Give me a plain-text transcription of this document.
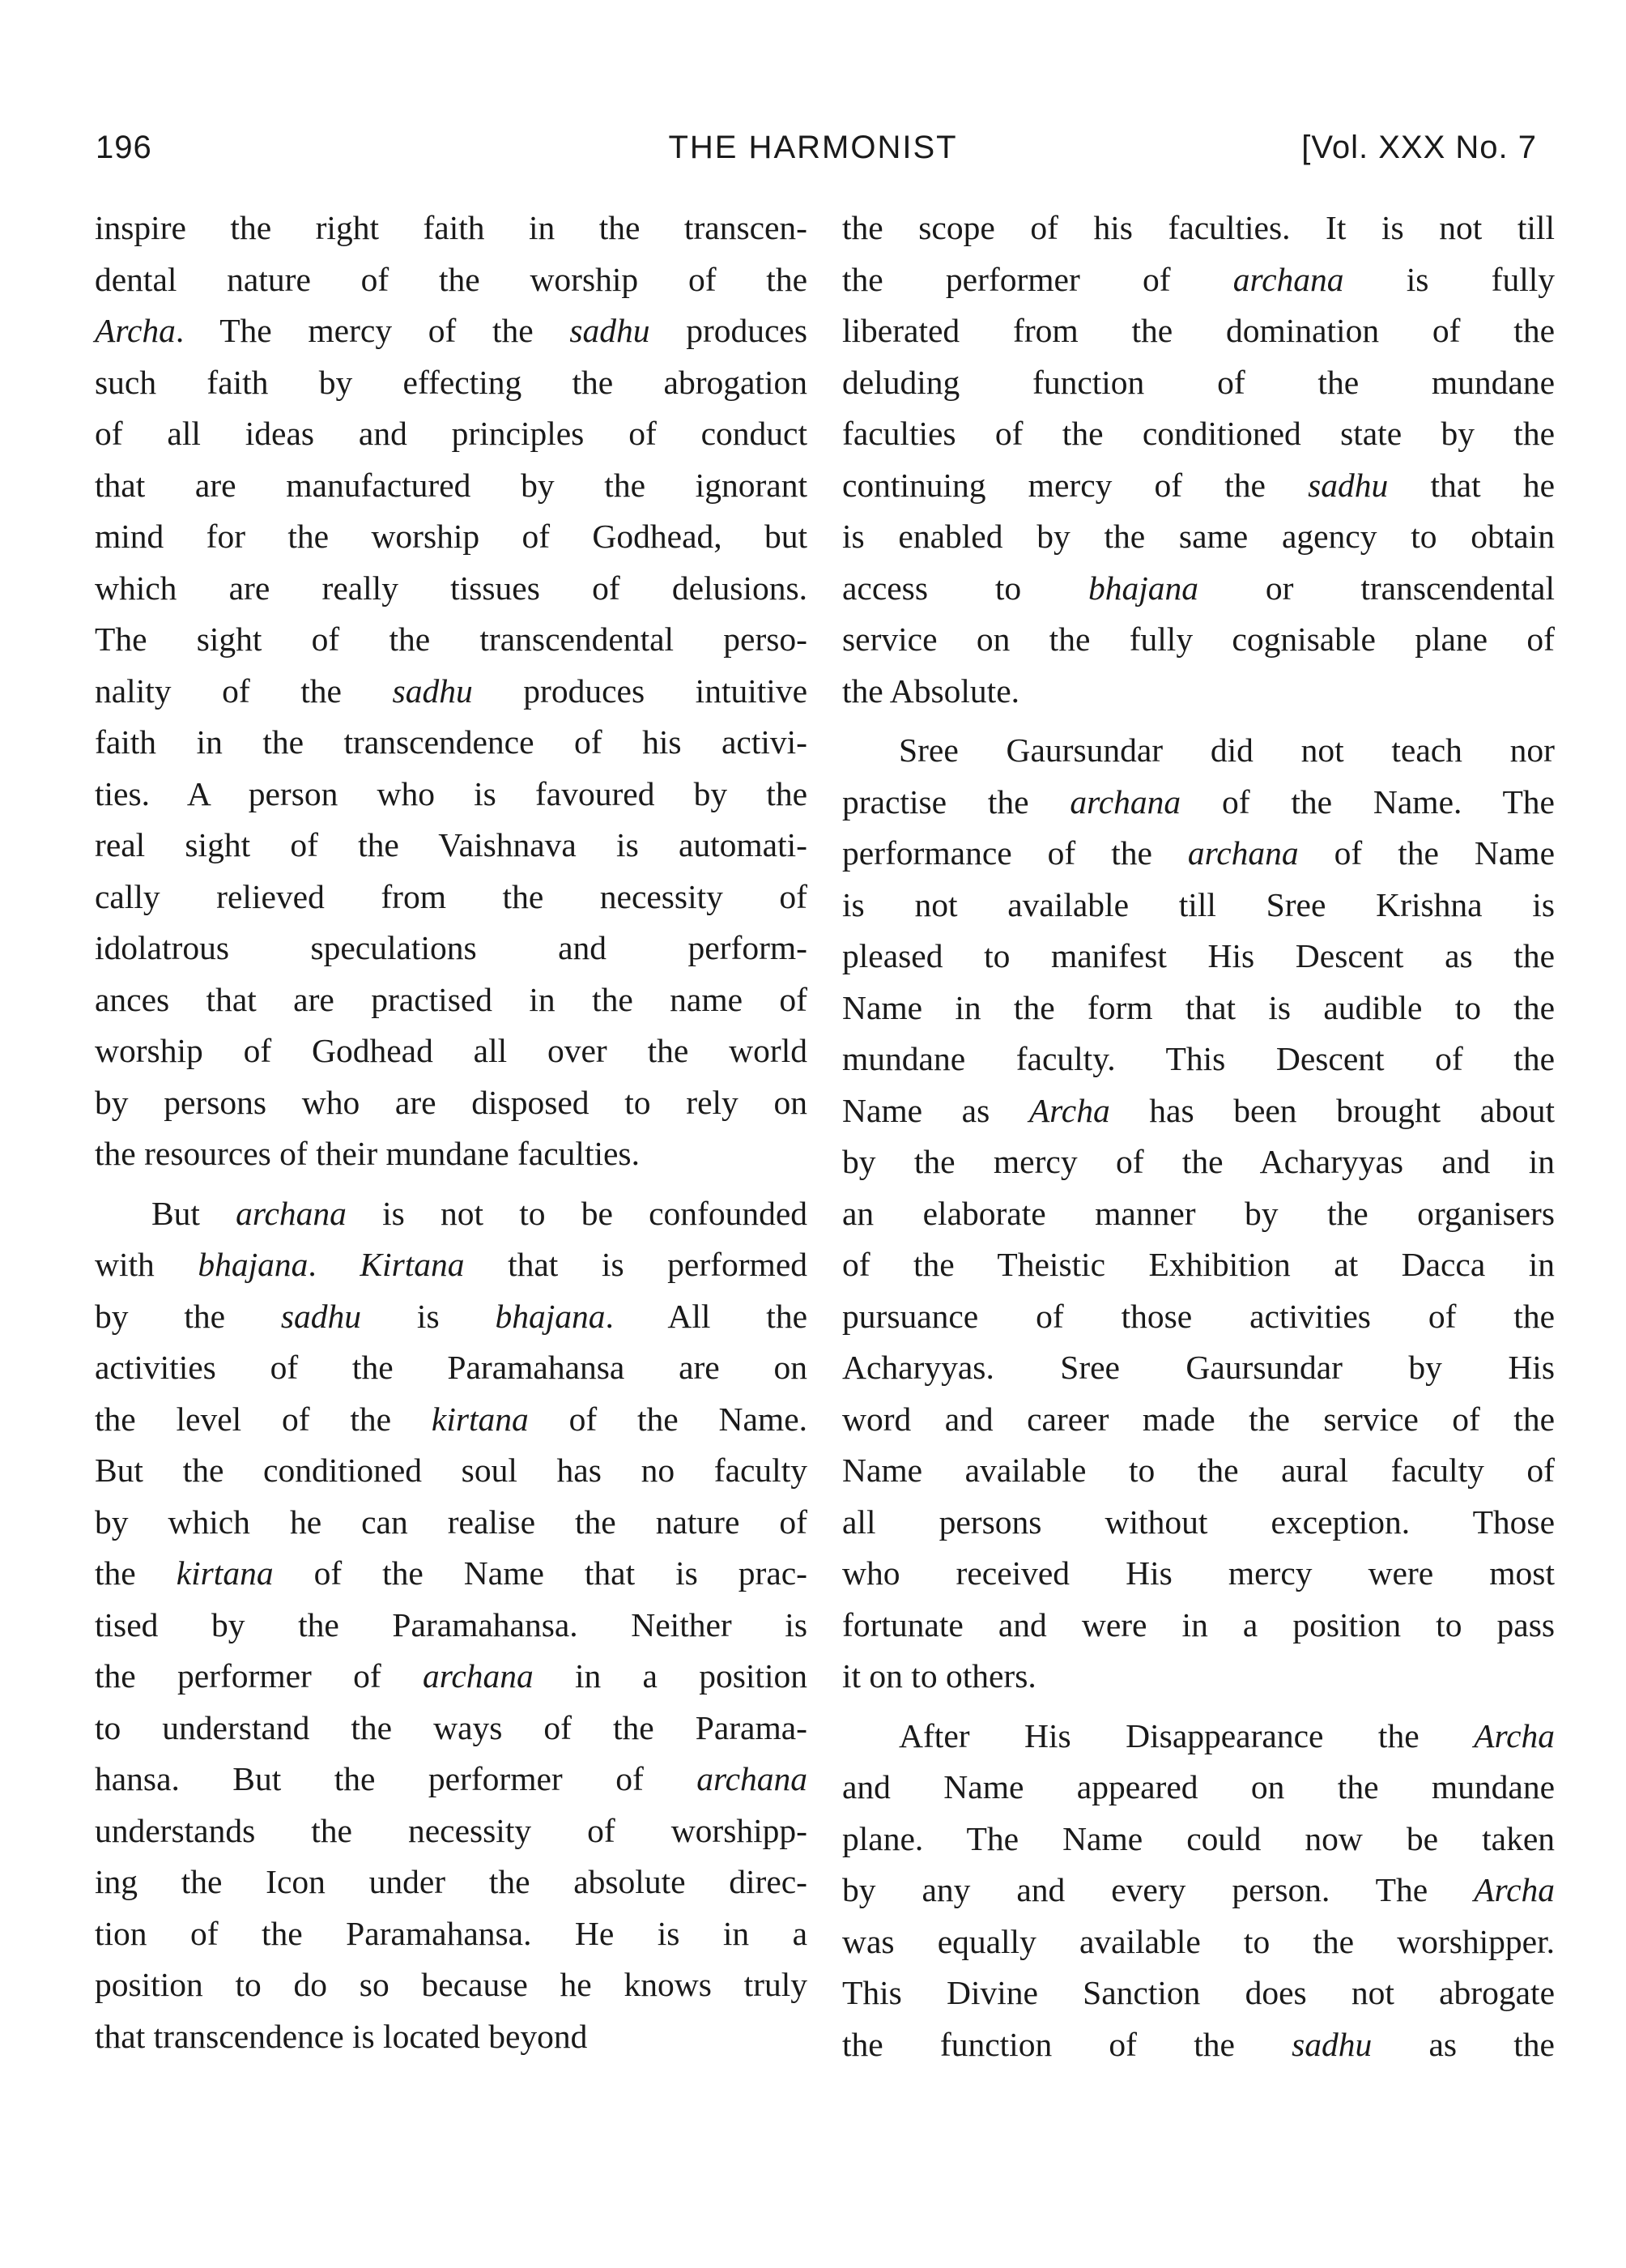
196	THE HARMONIST	[Vol. XXX No. 7

inspire the right faith in the transcen-
dental nature of the worship of the
Archa. The mercy of the sadhu produces
such faith by effecting the abrogation
of all ideas and principles of conduct
that are manufactured by the ignorant
mind for the worship of Godhead, but
which are really tissues of delusions.
The sight of the transcendental perso-
nality of the sadhu produces intuitive
faith in the transcendence of his activi-
ties. A person who is favoured by the
real sight of the Vaishnava is automati-
cally relieved from the necessity of
idolatrous speculations and perform-
ances that are practised in the name of
worship of Godhead all over the world
by persons who are disposed to rely on
the resources of their mundane faculties.

But archana is not to be confounded
with bhajana. Kirtana that is performed
by the sadhu is bhajana. All the
activities of the Paramahansa are on
the level of the kirtana of the Name.
But the conditioned soul has no faculty
by which he can realise the nature of
the kirtana of the Name that is prac-
tised by the Paramahansa. Neither is
the performer of archana in a position
to understand the ways of the Parama-
hansa. But the performer of archana
understands the necessity of worshipp-
ing the Icon under the absolute direc-
tion of the Paramahansa. He is in a
position to do so because he knows truly
that transcendence is located beyond

the scope of his faculties. It is not till
the performer of archana is fully
liberated from the domination of the
deluding function of the mundane
faculties of the conditioned state by the
continuing mercy of the sadhu that he
is enabled by the same agency to obtain
access to bhajana or transcendental
service on the fully cognisable plane of
the Absolute.

Sree Gaursundar did not teach nor
practise the archana of the Name. The
performance of the archana of the Name
is not available till Sree Krishna is
pleased to manifest His Descent as the
Name in the form that is audible to the
mundane faculty. This Descent of the
Name as Archa has been brought about
by the mercy of the Acharyyas and in
an elaborate manner by the organisers
of the Theistic Exhibition at Dacca in
pursuance of those activities of the
Acharyyas. Sree Gaursundar by His
word and career made the service of the
Name available to the aural faculty of
all persons without exception. Those
who received His mercy were most
fortunate and were in a position to pass
it on to others.

After His Disappearance the Archa
and Name appeared on the mundane
plane. The Name could now be taken
by any and every person. The Archa
was equally available to the worshipper.
This Divine Sanction does not abrogate
the function of the sadhu as the
